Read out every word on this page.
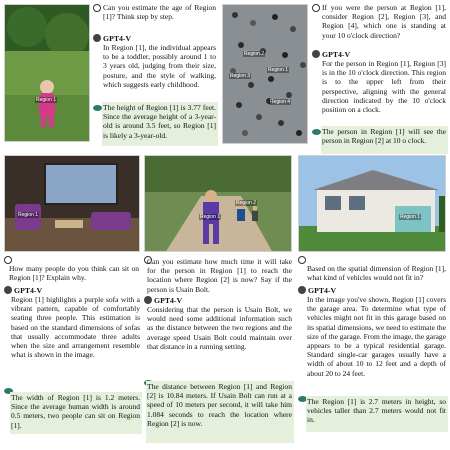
Region 1

Can you estimate the age of Region [1]? Think step by step.

GPT4-V

In Region [1], the individual appears to be a toddler, possibly around 1 to 3 years old, judging from their size, posture, and the style of walking, which suggests early childhood.

The height of Region [1] is 3.77 feet. Since the average height of a 3-year-old is around 3.5 feet, so Region [1] is likely a 3-year-old.

Region 2
Region 1
Region 3
Region 4

If you were the person at Region [1], consider Region [2], Region [3], and Region [4], which one is standing at your 10 o'clock direction?

GPT4-V

For the person in Region [1], Region [3] is in the 10 o'clock direction. This region is to the upper left from their perspective, aligning with the general direction indicated by the 10 o'clock position on a clock.

The person in Region [1] will see the person in Region [2] at 10 o clock.

Region 1

How many people do you think can sit on Region [1]? Explain why.

GPT4-V

Region [1] highlights a purple sofa with a vibrant pattern, capable of comfortably seating three people. This estimation is based on the standard dimensions of sofas that usually accommodate three adults when the size and arrangement resemble what is shown in the image.

The width of Region [1] is 1.2 meters. Since the average human width is around 0.5 meters, two people can sit on Region [1].

Region 1
Region 2

Can you estimate how much time it will take for the person in Region [1] to reach the location where Region [2] is now? Say if the person is Usain Bolt.

GPT4-V

Considering that the person is Usain Bolt, we would need some additional information such as the distance between the two regions and the average speed Usain Bolt could maintain over that distance in a running setting.

The distance between Region [1] and Region [2] is 10.84 meters. If Usain Bolt can run at a speed of 10 meters per second, it will take him 1.084 seconds to reach the location where Region [2] is now.

Region 1

Based on the spatial dimension of Region [1], what kind of vehicles would not fit in?

GPT4-V

In the image you've shown, Region [1] covers the garage area. To determine what type of vehicles might not fit in this garage based on its spatial dimensions, we need to estimate the size of the garage. From the image, the garage appears to be a typical residential garage. Standard single-car garages usually have a width of about 10 to 12 feet and a depth of about 20 to 24 feet.

The Region [1] is 2.7 meters in height, so vehicles taller than 2.7 meters would not fit in.
